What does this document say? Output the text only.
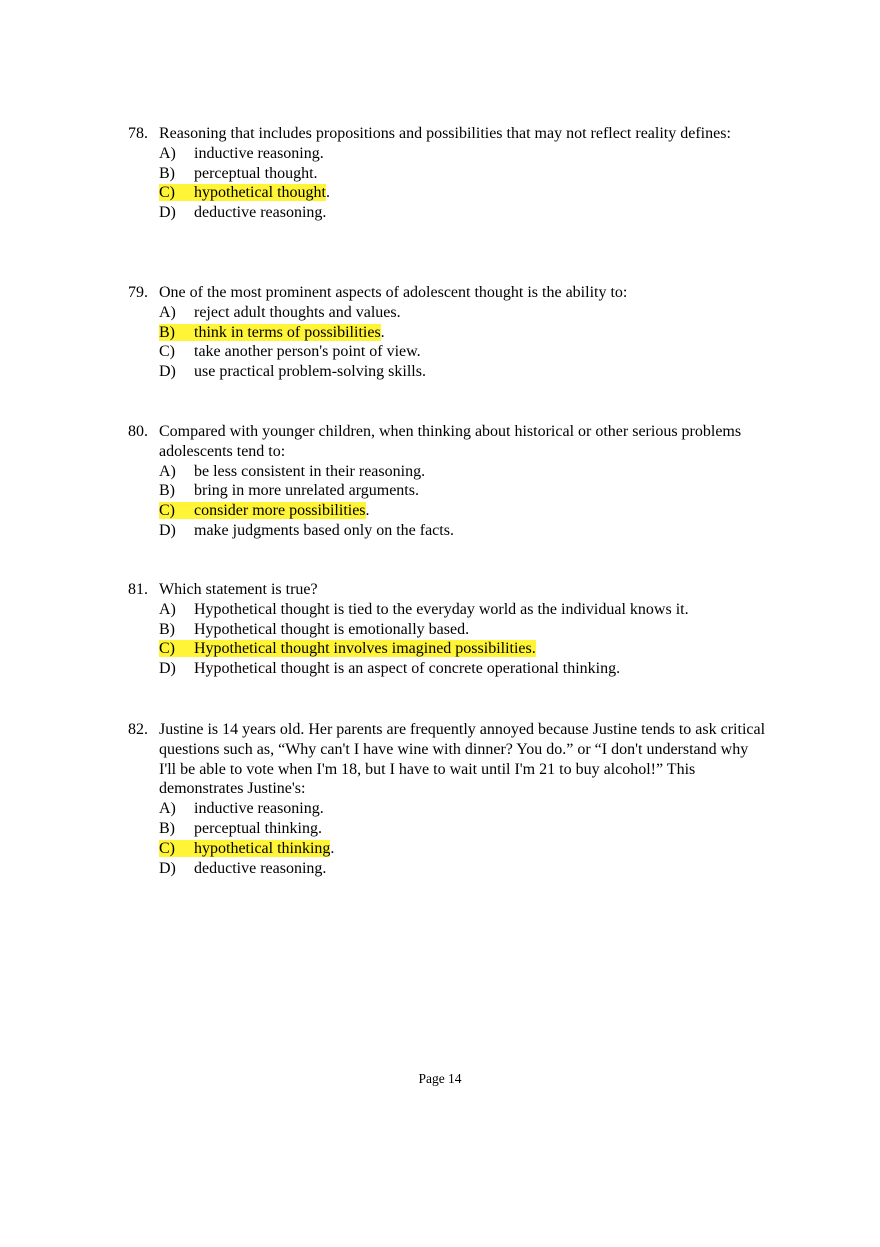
78. Reasoning that includes propositions and possibilities that may not reflect reality defines:
A) inductive reasoning.
B) perceptual thought.
C) hypothetical thought.
D) deductive reasoning.
79. One of the most prominent aspects of adolescent thought is the ability to:
A) reject adult thoughts and values.
B) think in terms of possibilities.
C) take another person's point of view.
D) use practical problem-solving skills.
80. Compared with younger children, when thinking about historical or other serious problems adolescents tend to:
A) be less consistent in their reasoning.
B) bring in more unrelated arguments.
C) consider more possibilities.
D) make judgments based only on the facts.
81. Which statement is true?
A) Hypothetical thought is tied to the everyday world as the individual knows it.
B) Hypothetical thought is emotionally based.
C) Hypothetical thought involves imagined possibilities.
D) Hypothetical thought is an aspect of concrete operational thinking.
82. Justine is 14 years old. Her parents are frequently annoyed because Justine tends to ask critical questions such as, “Why can't I have wine with dinner? You do.” or “I don't understand why I'll be able to vote when I'm 18, but I have to wait until I'm 21 to buy alcohol!” This demonstrates Justine's:
A) inductive reasoning.
B) perceptual thinking.
C) hypothetical thinking.
D) deductive reasoning.
Page 14
